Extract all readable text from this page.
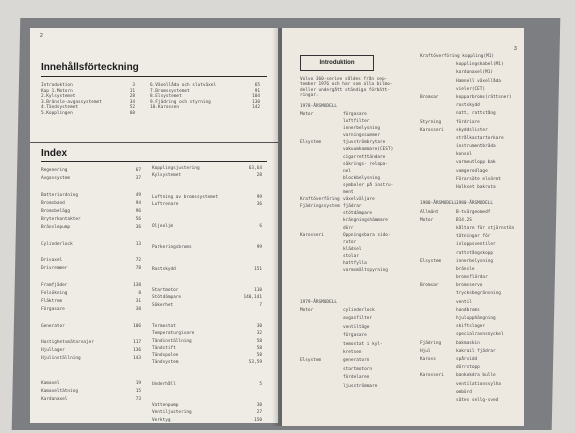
2
Innehållsförteckning
Introduktion	3
Kap 1.Motorn	11
2.Kylsystemet	28
3.Bränsle-avgassystemet	34
4.Tändsystemet	52
5.Kopplingen	60
6.Växellåda och slutväxel	65
7.Bromssystemet	91
8.Elsystemet	104
9.Fjädring och styrning	130
10.Karossen	142
Index
Regenering	67
Avgassystem	37
Batteriordning	49
Bromsband	94
Bromsbelägg	96
Bryterkontakter	56
Bränslepump	36
Cylinderlock	13
Drivaxel	72
Drivremmer	78
Framfjäder	138
Felsökning	8
Fläktrem	31
Förgasare	38
Generator	106
Hastighetsmätarvajer	117
Hjullager	136
Hjulinställning	143
Kamaxel	19
Kamaxeltätning	15
Kardanaxel	73
Kopplingsjustering	63,64
Kylsystemet	28
Luftning av bromssystemet	99
Luftrenare	36
Oljeoljm	6
Parkeringsbroms	99
Rostskydd	151
Startmotor	110
Stötdämpare	140,141
Säkerhet	7
Termostat	30
Temperaturgivare	32
Tändinställning	58
Tändstift	58
Tändspolen	58
Tändsystem	53,59
Underhåll	5
Vattenpump	30
Ventiljustering	27
Verktyg	150
3
Introduktion
Volvo 360-serien såldes från sep-
tember 1976 och har som alla bilmo-
deller undergått ständiga förbätt-
ringar.
1978-ÅRSMODELL
Motor	förgasare
luftfilter
innerbelysning
varningssummer
Elsystem	tjuvströmbrytare
vakuumkammare(CEST)
cigarretttändare
säkrings- relapa-
nel
blockbelysning
symboler på instru-
ment
Kraftöverföring växelväljare
Fjädringssystem fjädrar
stötdämpare
krängningshämmare
dörr
Karosseri	Oppningsbara sido-
rutor
klädsel
stolar
hattfylla
varmsmältspyrning
1979-ÅRSMODELL
Motor	cylinderlock
avgasfilter
ventiltäge
förgasare
temostat i kyl-
kretsen
Elsystem	generatorn
startmotorn
fördelaren
ljusströmmare
Kraftöverföring koppling(M1)
kopplingskabel(M1)
kardanaxel(M1)
Hamnell växellåda
vieler(CET)
Bromsar	kopparbroms(rättsner)
rostskydd
natt, rattstång
Styrning	fördriare
Karosseri	skyddslister
strålkastartorkare
instrumentbräda
konsol
varmeutlopp bak
vamgerodlage
Förarsäte elvärmt
Halkset bakruta
1980-ÅRSMODELL
1980-ÅRSMODELL
Allmänt	B-tvärgeomedf
Motor	B14.2S
kåltare för stjärnstön
tätningar för
inloppsventiler
rattstångskopp
Elsystem	innerbelysning
bränsle
bromsflärdar
Bromsar	bromsservo
trycksbegränsning
ventil
handbroms
hjulupphängning
skiftslager
specialravnsnyckel
Fjädring	bakmaskin
Hjul	kakrail fjädrar
Kaross	spårvidd
dörrstopp
Karosseri	bankokdra bulle
ventilationssylha
ombörd
sätes sellg-sved
